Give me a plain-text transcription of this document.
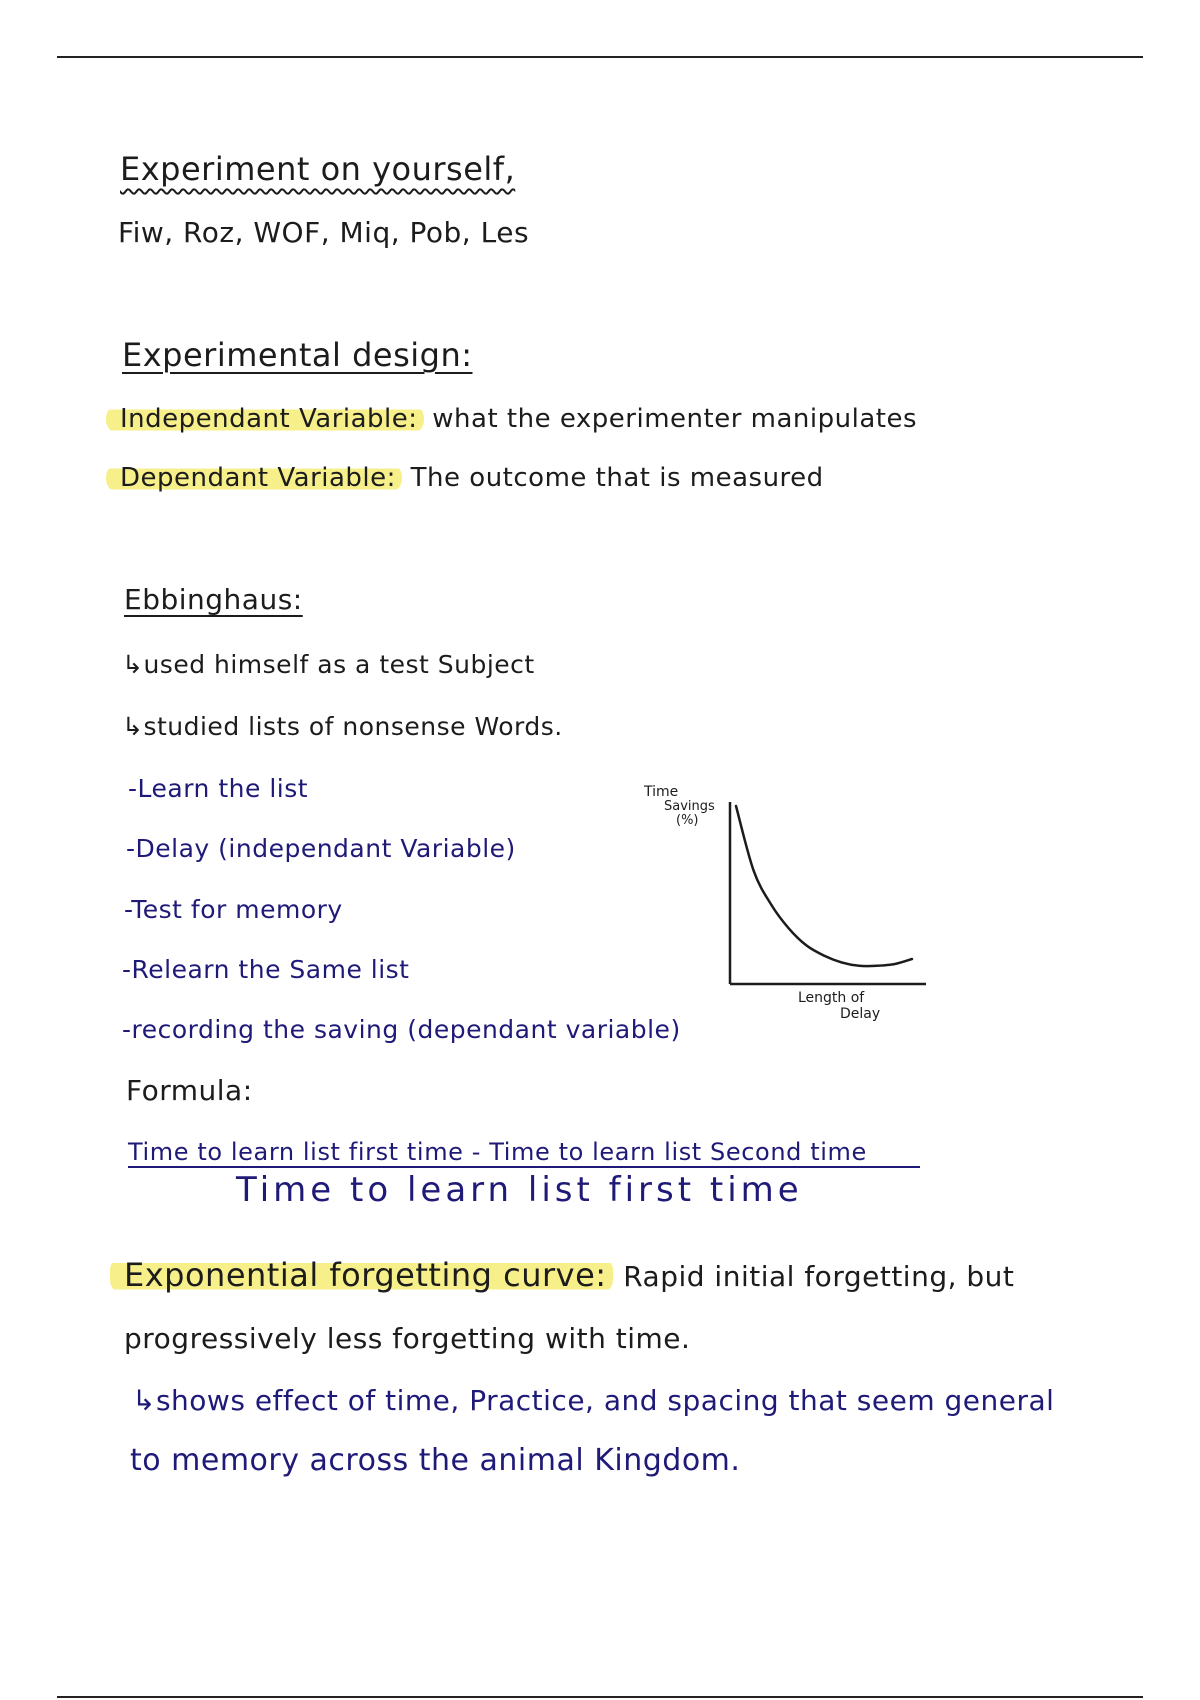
Experiment on yourself,
Fiw, Roz, WOF, Miq, Pob, Les
Experimental design:
Independant Variable: what the experimenter manipulates
Dependant Variable: The outcome that is measured
Ebbinghaus:
↳used himself as a test Subject
↳studied lists of nonsense Words.
-Learn the list
-Delay (independant Variable)
-Test for memory
-Relearn the Same list
-recording the saving (dependant variable)
Formula:
Time to learn list first time - Time to learn list Second time
Time to learn list first time
Time
Savings
(%)
Length of
Delay
Exponential forgetting curve: Rapid initial forgetting, but
progressively less forgetting with time.
↳shows effect of time, Practice, and spacing that seem general
to memory across the animal Kingdom.
